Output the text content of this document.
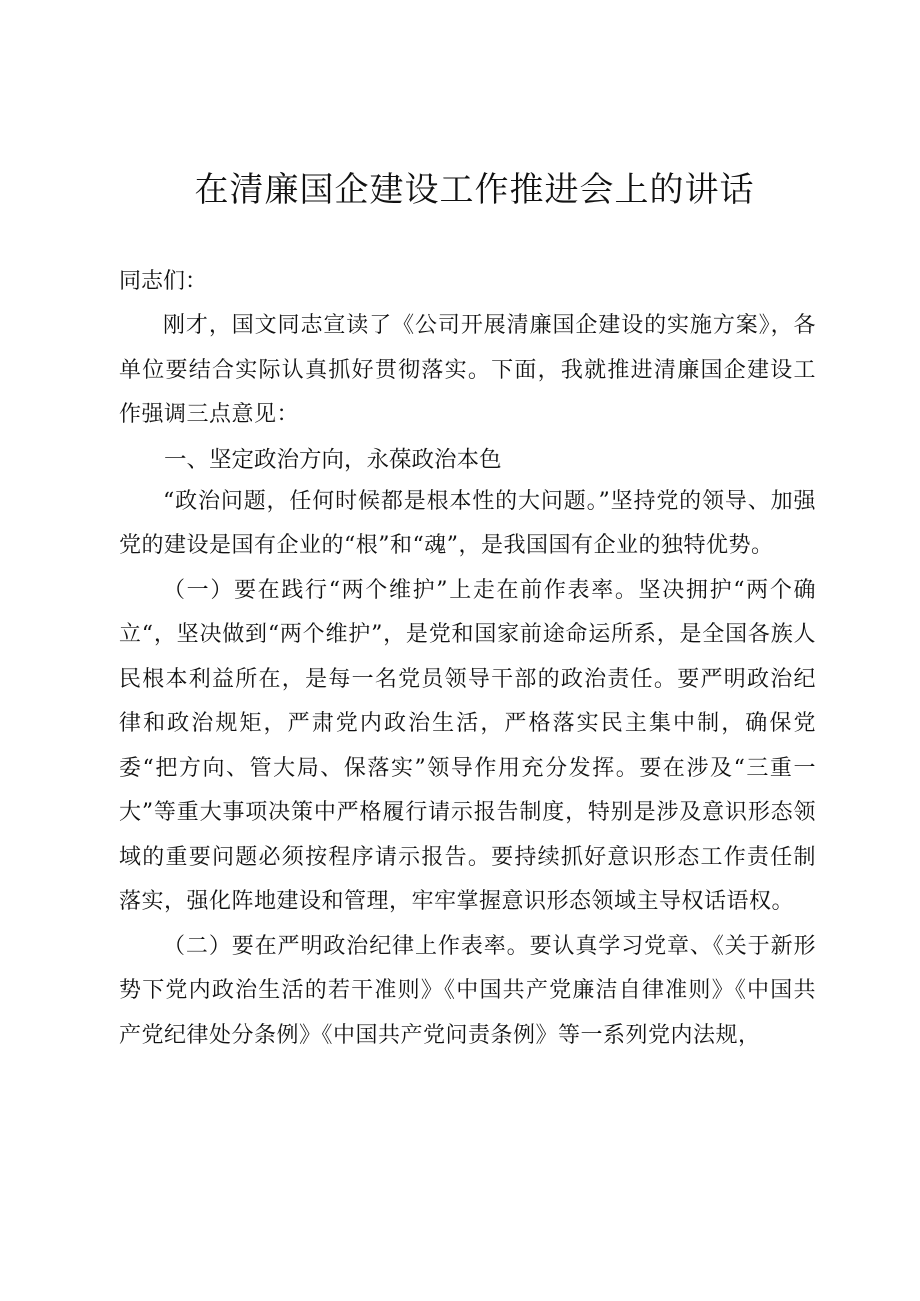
在清廉国企建设工作推进会上的讲话
同志们：

刚才，国文同志宣读了《公司开展清廉国企建设的实施方案》，各单位要结合实际认真抓好贯彻落实。下面，我就推进清廉国企建设工作强调三点意见：

一、坚定政治方向，永葆政治本色

“政治问题，任何时候都是根本性的大问题。”坚持党的领导、加强党的建设是国有企业的“根”和“魂”，是我国国有企业的独特优势。

（一）要在践行“两个维护”上走在前作表率。坚决拥护“两个确立“，坚决做到“两个维护”，是党和国家前途命运所系，是全国各族人民根本利益所在，是每一名党员领导干部的政治责任。要严明政治纪律和政治规矩，严肃党内政治生活，严格落实民主集中制，确保党委“把方向、管大局、保落实”领导作用充分发挥。要在涉及“三重一大”等重大事项决策中严格履行请示报告制度，特别是涉及意识形态领域的重要问题必须按程序请示报告。要持续抓好意识形态工作责任制落实，强化阵地建设和管理，牢牢掌握意识形态领域主导权话语权。

（二）要在严明政治纪律上作表率。要认真学习党章、《关于新形势下党内政治生活的若干准则》《中国共产党廉洁自律准则》《中国共产党纪律处分条例》《中国共产党问责条例》等一系列党内法规，
